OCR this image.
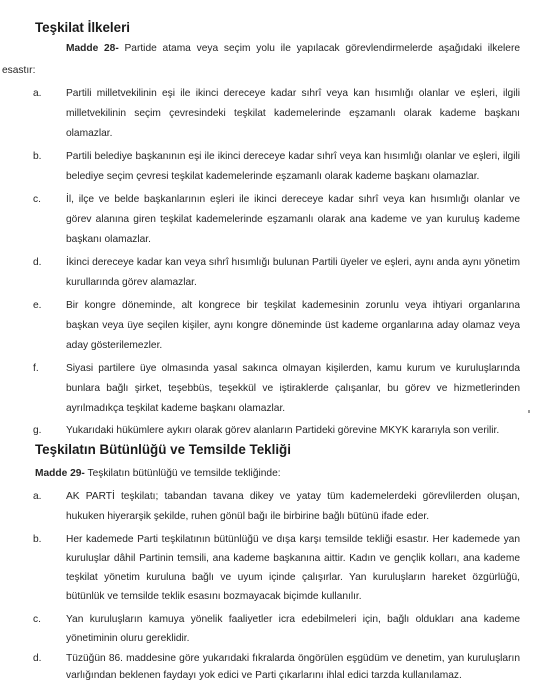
Teşkilat İlkeleri
Madde 28- Partide atama veya seçim yolu ile yapılacak görevlendirmelerde aşağıdaki ilkelere
esastır:
a. Partili milletvekilinin eşi ile ikinci dereceye kadar sıhrî veya kan hısımlığı olanlar ve eşleri, ilgili
milletvekilinin seçim çevresindeki teşkilat kademelerinde eşzamanlı olarak kademe başkanı
olamazlar.
b. Partili belediye başkanının eşi ile ikinci dereceye kadar sıhrî veya kan hısımlığı olanlar ve eşleri, ilgili
belediye seçim çevresi teşkilat kademelerinde eşzamanlı olarak kademe başkanı olamazlar.
c. İl, ilçe ve belde başkanlarının eşleri ile ikinci dereceye kadar sıhrî veya kan hısımlığı olanlar ve
görev alanına giren teşkilat kademelerinde eşzamanlı olarak ana kademe ve yan kuruluş kademe
başkanı olamazlar.
d. İkinci dereceye kadar kan veya sıhrî hısımlığı bulunan Partili üyeler ve eşleri, aynı anda aynı yönetim
kurullarında görev alamazlar.
e. Bir kongre döneminde, alt kongrece bir teşkilat kademesinin zorunlu veya ihtiyari organlarına
başkan veya üye seçilen kişiler, aynı kongre döneminde üst kademe organlarına aday olamaz veya
aday gösterilemezler.
f.	Siyasi partilere üye olmasında yasal sakınca olmayan kişilerden, kamu kurum ve kuruluşlarında
bunlara bağlı şirket, teşebbüs, teşekkül ve iştiraklerde çalışanlar, bu görev ve hizmetlerinden
ayrılmadıkça teşkilat kademe başkanı olamazlar.
g. Yukarıdaki hükümlere aykırı olarak görev alanların Partideki görevine MKYK kararıyla son verilir.
Teşkilatın Bütünlüğü ve Temsilde Tekliği
Madde 29- Teşkilatın bütünlüğü ve temsilde tekliğinde:
a. AK PARTİ teşkilatı; tabandan tavana dikey ve yatay tüm kademelerdeki görevlilerden oluşan,
hukuken hiyerarşik şekilde, ruhen gönül bağı ile birbirine bağlı bütünü ifade eder.
b. Her kademede Parti teşkilatının bütünlüğü ve dışa karşı temsilde tekliği esastır. Her kademede yan
kuruluşlar dâhil Partinin temsili, ana kademe başkanına aittir. Kadın ve gençlik kolları, ana kademe
teşkilat yönetim kuruluna bağlı ve uyum içinde çalışırlar. Yan kuruluşların hareket özgürlüğü,
bütünlük ve temsilde teklik esasını bozmayacak biçimde kullanılır.
c. Yan kuruluşların kamuya yönelik faaliyetler icra edebilmeleri için, bağlı oldukları ana kademe
yönetiminin oluru gereklidir.
d. Tüzüğün 86. maddesine göre yukarıdaki fıkralarda öngörülen eşgüdüm ve denetim, yan kuruluşların
varlığından beklenen faydayı yok edici ve Parti çıkarlarını ihlal edici tarzda kullanılamaz.
